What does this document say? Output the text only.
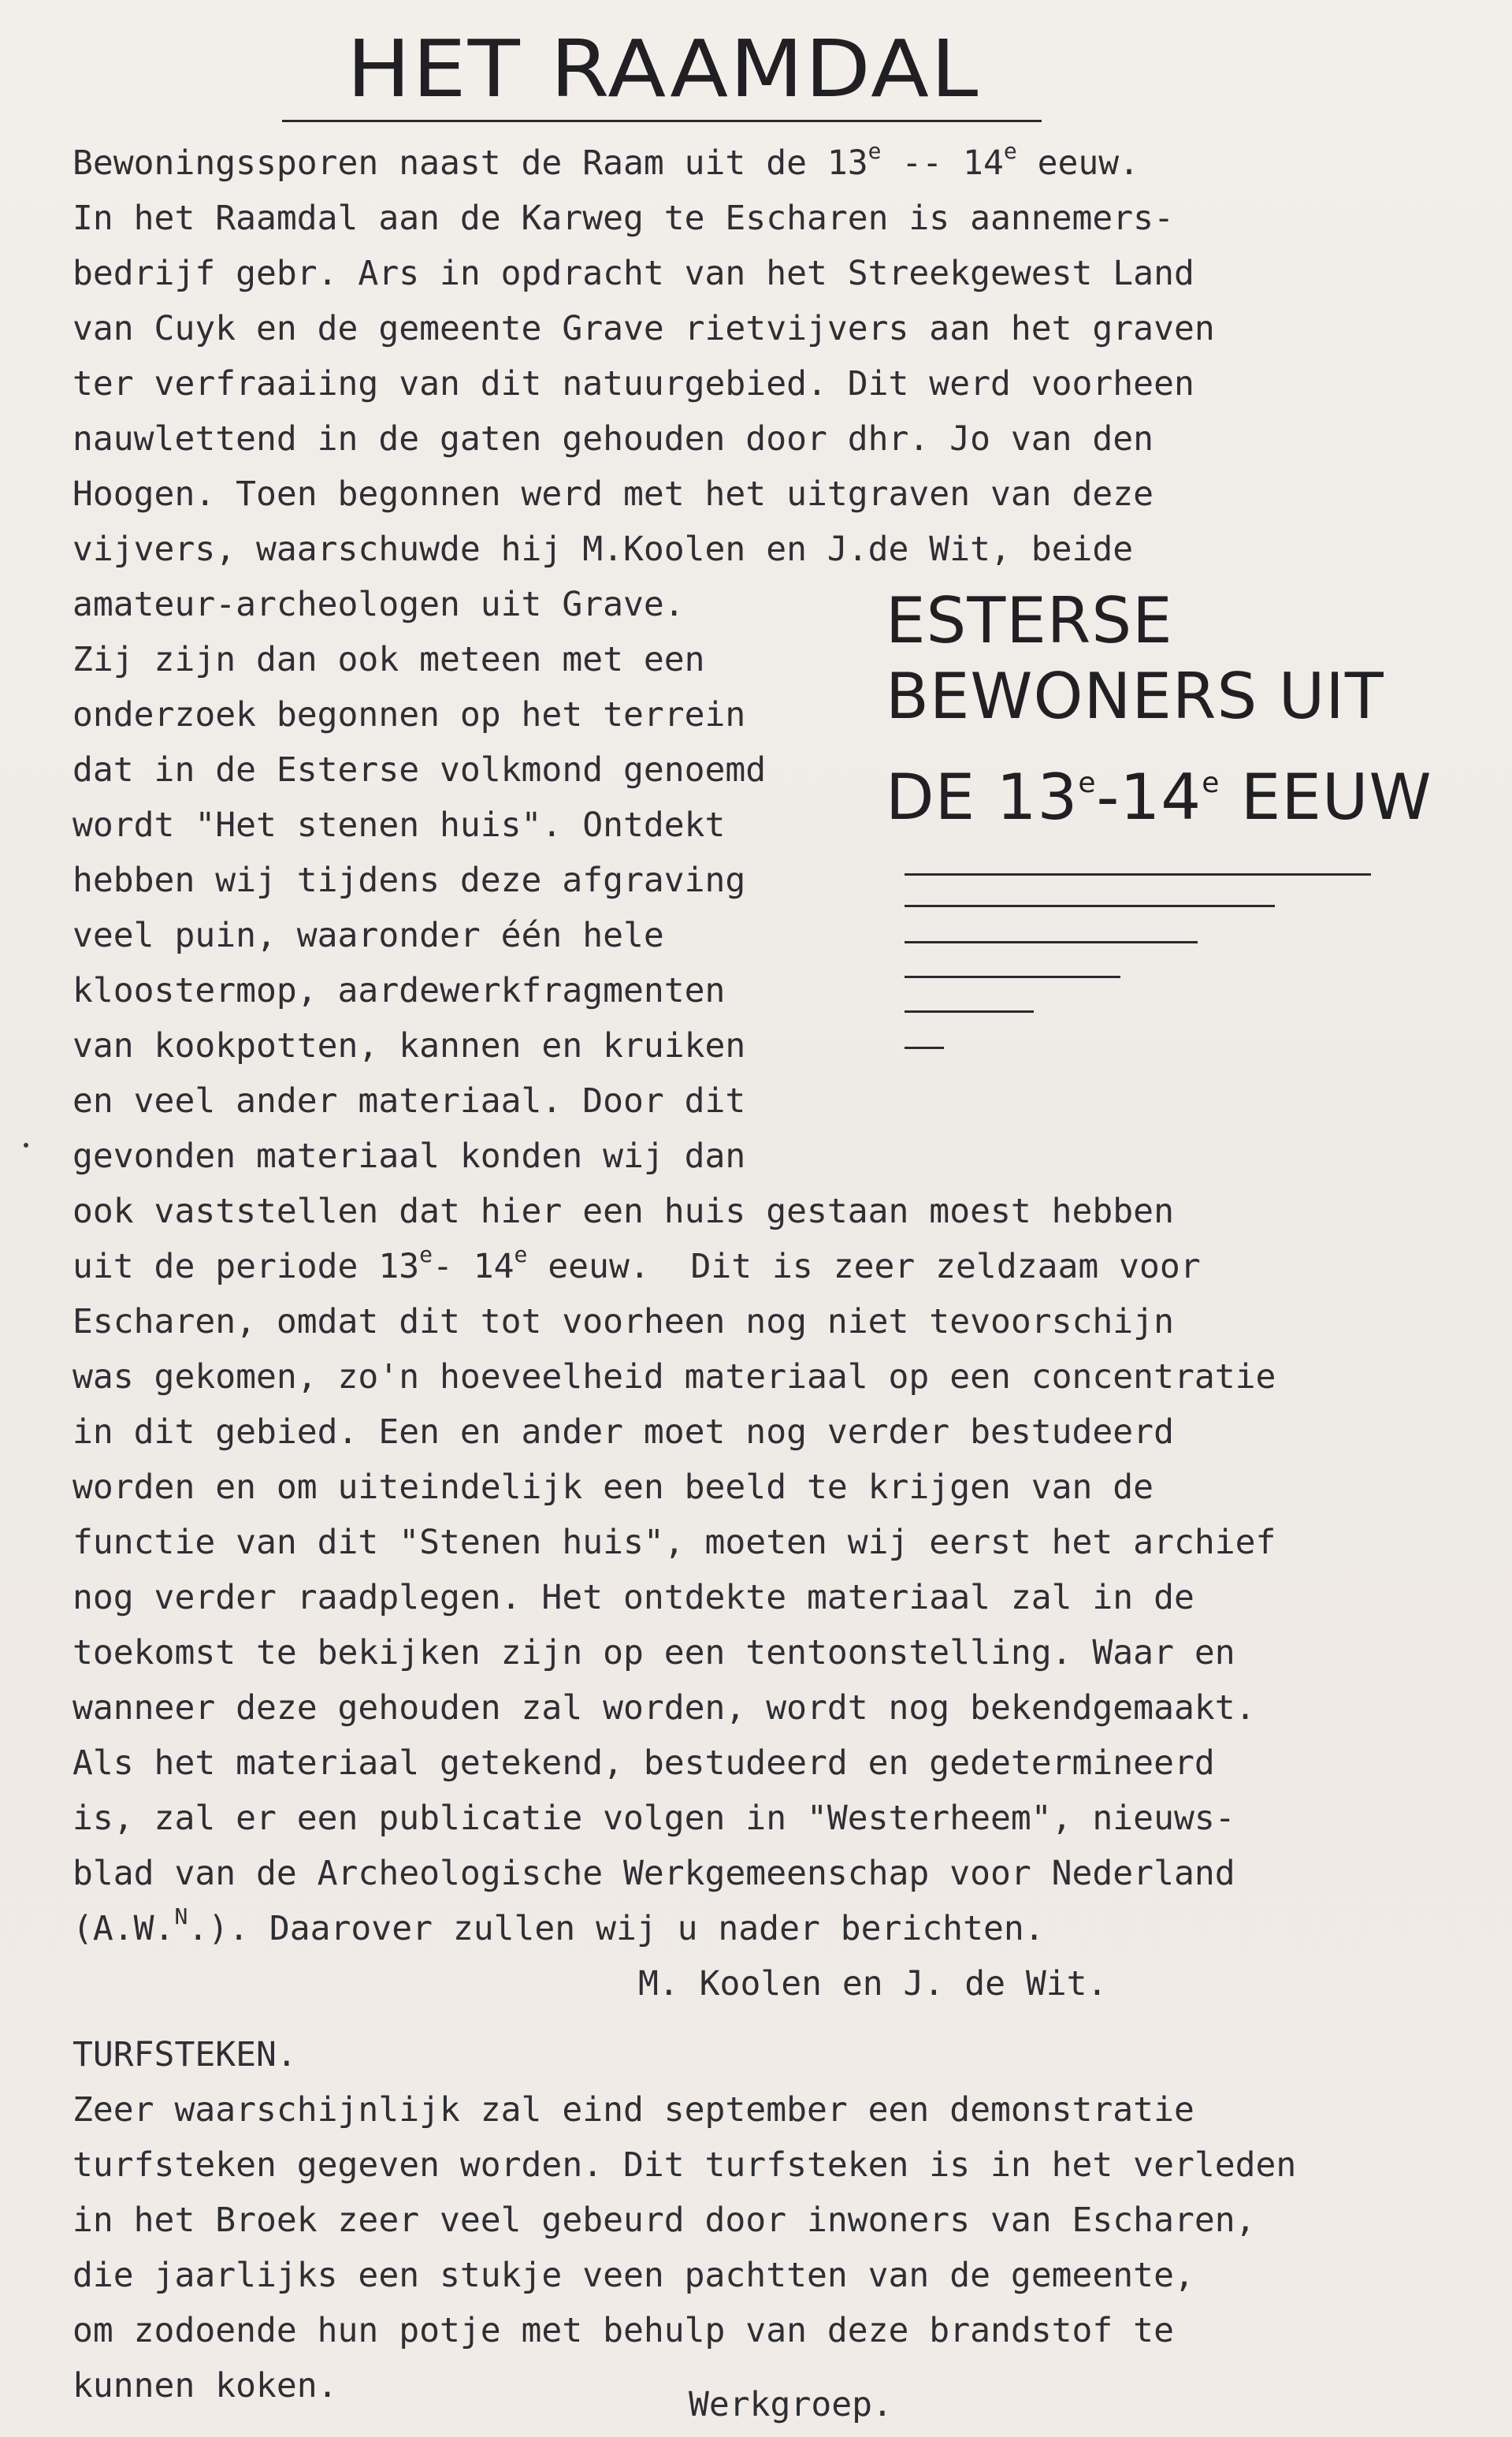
HET RAAMDAL
Bewoningssporen naast de Raam uit de 13e -- 14e eeuw.
In het Raamdal aan de Karweg te Escharen is aannemers-
bedrijf gebr. Ars in opdracht van het Streekgewest Land
van Cuyk en de gemeente Grave rietvijvers aan het graven
ter verfraaiing van dit natuurgebied. Dit werd voorheen
nauwlettend in de gaten gehouden door dhr. Jo van den
Hoogen. Toen begonnen werd met het uitgraven van deze
vijvers, waarschuwde hij M.Koolen en J.de Wit, beide
amateur-archeologen uit Grave.
Zij zijn dan ook meteen met een
onderzoek begonnen op het terrein
dat in de Esterse volkmond genoemd
wordt "Het stenen huis". Ontdekt
hebben wij tijdens deze afgraving
veel puin, waaronder één hele
kloostermop, aardewerkfragmenten
van kookpotten, kannen en kruiken
en veel ander materiaal. Door dit
gevonden materiaal konden wij dan
ook vaststellen dat hier een huis gestaan moest hebben
uit de periode 13e- 14e eeuw.  Dit is zeer zeldzaam voor
Escharen, omdat dit tot voorheen nog niet tevoorschijn
was gekomen, zo'n hoeveelheid materiaal op een concentratie
in dit gebied. Een en ander moet nog verder bestudeerd
worden en om uiteindelijk een beeld te krijgen van de
functie van dit "Stenen huis", moeten wij eerst het archief
nog verder raadplegen. Het ontdekte materiaal zal in de
toekomst te bekijken zijn op een tentoonstelling. Waar en
wanneer deze gehouden zal worden, wordt nog bekendgemaakt.
Als het materiaal getekend, bestudeerd en gedetermineerd
is, zal er een publicatie volgen in "Westerheem", nieuws-
blad van de Archeologische Werkgemeenschap voor Nederland
(A.W.$^N$.). Daarover zullen wij u nader berichten.
M. Koolen en J. de Wit.
ESTERSE
BEWONERS UIT
DE 13e-14e EEUW
TURFSTEKEN.
Zeer waarschijnlijk zal eind september een demonstratie
turfsteken gegeven worden. Dit turfsteken is in het verleden
in het Broek zeer veel gebeurd door inwoners van Escharen,
die jaarlijks een stukje veen pachtten van de gemeente,
om zodoende hun potje met behulp van deze brandstof te
kunnen koken.	Werkgroep.
